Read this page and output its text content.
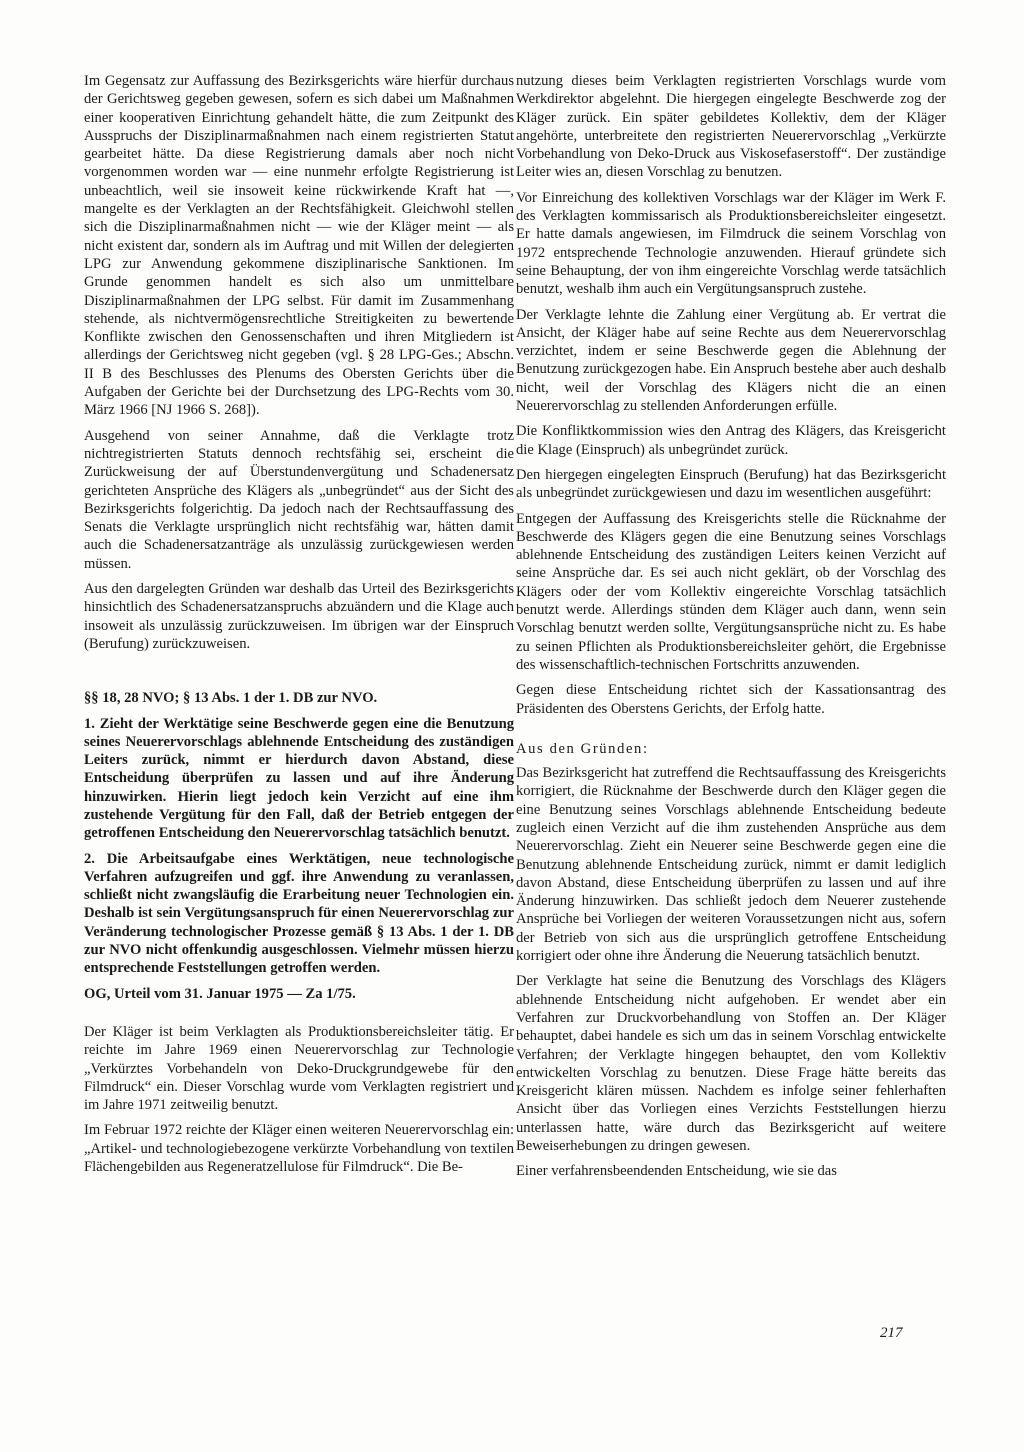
Im Gegensatz zur Auffassung des Bezirksgerichts wäre hierfür durchaus der Gerichtsweg gegeben gewesen, sofern es sich dabei um Maßnahmen einer kooperativen Einrichtung gehandelt hätte, die zum Zeitpunkt des Ausspruchs der Disziplinarmaßnahmen nach einem registrierten Statut gearbeitet hätte. Da diese Registrierung damals aber noch nicht vorgenommen worden war — eine nunmehr erfolgte Registrierung ist unbeachtlich, weil sie insoweit keine rückwirkende Kraft hat —, mangelte es der Verklagten an der Rechtsfähigkeit. Gleichwohl stellen sich die Disziplinarmaßnahmen nicht — wie der Kläger meint — als nicht existent dar, sondern als im Auftrag und mit Willen der delegierten LPG zur Anwendung gekommene disziplinarische Sanktionen. Im Grunde genommen handelt es sich also um unmittelbare Disziplinarmaßnahmen der LPG selbst. Für damit im Zusammenhang stehende, als nichtvermögensrechtliche Streitigkeiten zu bewertende Konflikte zwischen den Genossenschaften und ihren Mitgliedern ist allerdings der Gerichtsweg nicht gegeben (vgl. § 28 LPG-Ges.; Abschn. II B des Beschlusses des Plenums des Obersten Gerichts über die Aufgaben der Gerichte bei der Durchsetzung des LPG-Rechts vom 30. März 1966 [NJ 1966 S. 268]).

Ausgehend von seiner Annahme, daß die Verklagte trotz nichtregistrierten Statuts dennoch rechtsfähig sei, erscheint die Zurückweisung der auf Überstundenvergütung und Schadenersatz gerichteten Ansprüche des Klägers als „unbegründet“ aus der Sicht des Bezirksgerichts folgerichtig. Da jedoch nach der Rechtsauffassung des Senats die Verklagte ursprünglich nicht rechtsfähig war, hätten damit auch die Schadenersatzanträge als unzulässig zurückgewiesen werden müssen.

Aus den dargelegten Gründen war deshalb das Urteil des Bezirksgerichts hinsichtlich des Schadenersatzanspruchs abzuändern und die Klage auch insoweit als unzulässig zurückzuweisen. Im übrigen war der Einspruch (Berufung) zurückzuweisen.

§§ 18, 28 NVO; § 13 Abs. 1 der 1. DB zur NVO.

1. Zieht der Werktätige seine Beschwerde gegen eine die Benutzung seines Neuerervorschlags ablehnende Entscheidung des zuständigen Leiters zurück, nimmt er hierdurch davon Abstand, diese Entscheidung überprüfen zu lassen und auf ihre Änderung hinzuwirken. Hierin liegt jedoch kein Verzicht auf eine ihm zustehende Vergütung für den Fall, daß der Betrieb entgegen der getroffenen Entscheidung den Neuerervorschlag tatsächlich benutzt.

2. Die Arbeitsaufgabe eines Werktätigen, neue technologische Verfahren aufzugreifen und ggf. ihre Anwendung zu veranlassen, schließt nicht zwangsläufig die Erarbeitung neuer Technologien ein. Deshalb ist sein Vergütungsanspruch für einen Neuerervorschlag zur Veränderung technologischer Prozesse gemäß § 13 Abs. 1 der 1. DB zur NVO nicht offenkundig ausgeschlossen. Vielmehr müssen hierzu entsprechende Feststellungen getroffen werden.

OG, Urteil vom 31. Januar 1975 — Za 1/75.

Der Kläger ist beim Verklagten als Produktionsbereichsleiter tätig. Er reichte im Jahre 1969 einen Neuerervorschlag zur Technologie „Verkürztes Vorbehandeln von Deko-Druckgrundgewebe für den Filmdruck“ ein. Dieser Vorschlag wurde vom Verklagten registriert und im Jahre 1971 zeitweilig benutzt.

Im Februar 1972 reichte der Kläger einen weiteren Neuerervorschlag ein: „Artikel- und technologiebezogene verkürzte Vorbehandlung von textilen Flächengebilden aus Regeneratzellulose für Filmdruck“. Die Be-

nutzung dieses beim Verklagten registrierten Vorschlags wurde vom Werkdirektor abgelehnt. Die hiergegen eingelegte Beschwerde zog der Kläger zurück. Ein später gebildetes Kollektiv, dem der Kläger angehörte, unterbreitete den registrierten Neuerervorschlag „Verkürzte Vorbehandlung von Deko-Druck aus Viskosefaserstoff“. Der zuständige Leiter wies an, diesen Vorschlag zu benutzen.

Vor Einreichung des kollektiven Vorschlags war der Kläger im Werk F. des Verklagten kommissarisch als Produktionsbereichsleiter eingesetzt. Er hatte damals angewiesen, im Filmdruck die seinem Vorschlag von 1972 entsprechende Technologie anzuwenden. Hierauf gründete sich seine Behauptung, der von ihm eingereichte Vorschlag werde tatsächlich benutzt, weshalb ihm auch ein Vergütungsanspruch zustehe.

Der Verklagte lehnte die Zahlung einer Vergütung ab. Er vertrat die Ansicht, der Kläger habe auf seine Rechte aus dem Neuerervorschlag verzichtet, indem er seine Beschwerde gegen die Ablehnung der Benutzung zurückgezogen habe. Ein Anspruch bestehe aber auch deshalb nicht, weil der Vorschlag des Klägers nicht die an einen Neuerervorschlag zu stellenden Anforderungen erfülle.

Die Konfliktkommission wies den Antrag des Klägers, das Kreisgericht die Klage (Einspruch) als unbegründet zurück.

Den hiergegen eingelegten Einspruch (Berufung) hat das Bezirksgericht als unbegründet zurückgewiesen und dazu im wesentlichen ausgeführt:

Entgegen der Auffassung des Kreisgerichts stelle die Rücknahme der Beschwerde des Klägers gegen die eine Benutzung seines Vorschlags ablehnende Entscheidung des zuständigen Leiters keinen Verzicht auf seine Ansprüche dar. Es sei auch nicht geklärt, ob der Vorschlag des Klägers oder der vom Kollektiv eingereichte Vorschlag tatsächlich benutzt werde. Allerdings stünden dem Kläger auch dann, wenn sein Vorschlag benutzt werden sollte, Vergütungsansprüche nicht zu. Es habe zu seinen Pflichten als Produktionsbereichsleiter gehört, die Ergebnisse des wissenschaftlich-technischen Fortschritts anzuwenden.

Gegen diese Entscheidung richtet sich der Kassationsantrag des Präsidenten des Oberstens Gerichts, der Erfolg hatte.

Aus den Gründen:

Das Bezirksgericht hat zutreffend die Rechtsauffassung des Kreisgerichts korrigiert, die Rücknahme der Beschwerde durch den Kläger gegen die eine Benutzung seines Vorschlags ablehnende Entscheidung bedeute zugleich einen Verzicht auf die ihm zustehenden Ansprüche aus dem Neuerervorschlag. Zieht ein Neuerer seine Beschwerde gegen eine die Benutzung ablehnende Entscheidung zurück, nimmt er damit lediglich davon Abstand, diese Entscheidung überprüfen zu lassen und auf ihre Änderung hinzuwirken. Das schließt jedoch dem Neuerer zustehende Ansprüche bei Vorliegen der weiteren Voraussetzungen nicht aus, sofern der Betrieb von sich aus die ursprünglich getroffene Entscheidung korrigiert oder ohne ihre Änderung die Neuerung tatsächlich benutzt.

Der Verklagte hat seine die Benutzung des Vorschlags des Klägers ablehnende Entscheidung nicht aufgehoben. Er wendet aber ein Verfahren zur Druckvorbehandlung von Stoffen an. Der Kläger behauptet, dabei handele es sich um das in seinem Vorschlag entwickelte Verfahren; der Verklagte hingegen behauptet, den vom Kollektiv entwickelten Vorschlag zu benutzen. Diese Frage hätte bereits das Kreisgericht klären müssen. Nachdem es infolge seiner fehlerhaften Ansicht über das Vorliegen eines Verzichts Feststellungen hierzu unterlassen hatte, wäre durch das Bezirksgericht auf weitere Beweiserhebungen zu dringen gewesen.

Einer verfahrensbeendenden Entscheidung, wie sie das

217
